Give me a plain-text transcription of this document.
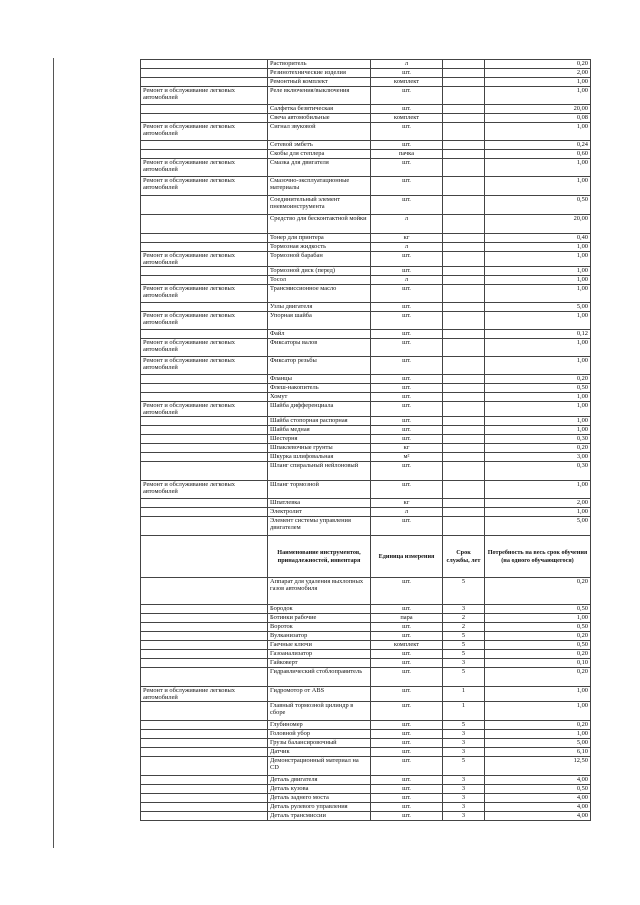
	Растворитель	л		0,20
	Резинотехнические изделия	шт.		2,00
	Ремонтный комплект	комплект		1,00
Ремонт и обслуживание легковых автомобилей	Реле включения/выключения	шт.		1,00
	Салфетка безвтическая	шт.		20,00
	Свеча автомобильные	комплект		0,08
Ремонт и обслуживание легковых автомобилей	Сигнал звуковой	шт.		1,00
	Сетевой эмбетъ	шт.		0,24
	Скобы для степлера	пачка		0,60
Ремонт и обслуживание легковых автомобилей	Смазка для двигателя	шт.		1,00
Ремонт и обслуживание легковых автомобилей	Смазочно-эксплуатационные материалы	шт.		1,00
	Соединительный элемент пневмоинструмента	шт.		0,50
	Средство для бесконтактной мойки	л		20,00
	Тонер для принтера	кг		0,40
	Тормозная жидкость	л		1,00
Ремонт и обслуживание легковых автомобилей	Тормозной барабан	шт.		1,00
	Тормозной диск (перед)	шт.		1,00
	Тосол	л		1,00
Ремонт и обслуживание легковых автомобилей	Трансмиссионное масло	шт.		1,00
	Узлы двигателя	шт.		5,00
Ремонт и обслуживание легковых автомобилей	Упорная шайба	шт.		1,00
	Файл	шт.		0,12
Ремонт и обслуживание легковых автомобилей	Фиксаторы валов	шт.		1,00
Ремонт и обслуживание легковых автомобилей	Фиксатор резьбы	шт.		1,00
	Фланцы	шт.		0,20
	Флеш-накопитель	шт.		0,50
	Хомут	шт.		1,00
Ремонт и обслуживание легковых автомобилей	Шайба дифференциала	шт.		1,00
	Шайба стопорная распорная	шт.		1,00
	Шайба медная	шт.		1,00
	Шестерня	шт.		0,30
	Шпаклевочные грунты	кг		0,20
	Шкурка шлифовальная	м²		3,00
	Шланг спиральный нейлоновый	шт.		0,30
Ремонт и обслуживание легковых автомобилей	Шланг тормозной	шт.		1,00
	Шпатлевка	кг		2,00
	Электролит	л		1,00
	Элемент системы управления двигателем	шт.		5,00
	Наименование инструментов, принадлежностей, инвентаря	Единица измерения	Срок службы, лет	Потребность на весь срок обучения (на одного обучающегося)
	Аппарат для удаления выхлопных газов автомобиля	шт.	5	0,20
	Бородок	шт.	3	0,50
	Ботинки рабочие	пара	2	1,00
	Вороток	шт.	2	0,50
	Вулканизатор	шт.	5	0,20
	Гаечные ключи	комплект	5	0,50
	Газоанализатор	шт.	5	0,20
	Гайковерт	шт.	3	0,10
	Гидравлический стоблоправитель	шт.	5	0,20
Ремонт и обслуживание легковых автомобилей	Гидромотор от ABS	шт.	1	1,00
	Главный тормозной цилиндр в сборе	шт.	1	1,00
	Глубиномер	шт.	5	0,20
	Головной убор	шт.	3	1,00
	Грузы балансировочный	шт.	3	5,00
	Датчик	шт.	3	6,10
	Демонстрационный материал на CD	шт.	5	12,50
	Деталь двигателя	шт.	3	4,00
	Деталь кузова	шт.	3	0,50
	Деталь заднего моста	шт.	3	4,00
	Деталь рулевого управления	шт.	3	4,00
	Деталь трансмиссии	шт.	3	4,00
